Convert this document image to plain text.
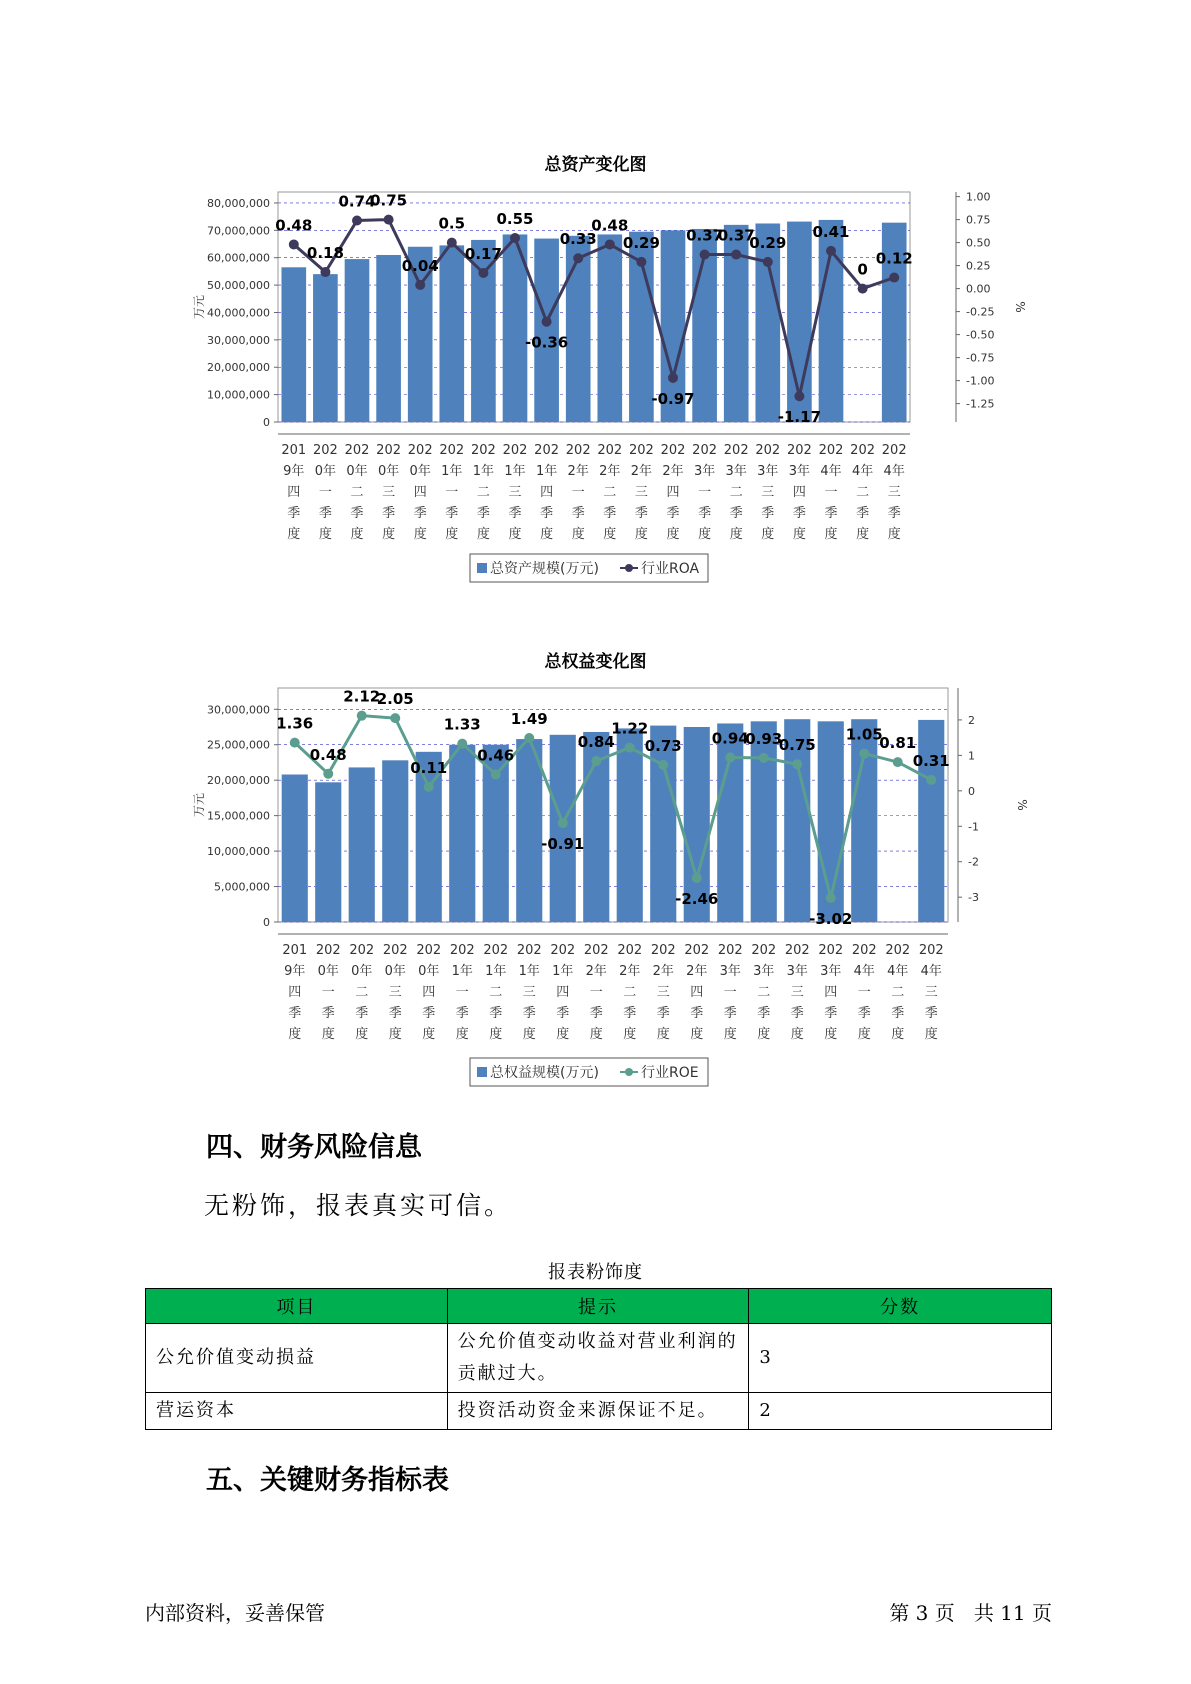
总资产变化图
0
10,000,000
20,000,000
30,000,000
40,000,000
50,000,000
60,000,000
70,000,000
80,000,000
万元
1.00
0.75
0.50
0.25
0.00
-0.25
-0.50
-0.75
-1.00
-1.25
%
201
9年
四
季
度
202
0年
一
季
度
202
0年
二
季
度
202
0年
三
季
度
202
0年
四
季
度
202
1年
一
季
度
202
1年
二
季
度
202
1年
三
季
度
202
1年
四
季
度
202
2年
一
季
度
202
2年
二
季
度
202
2年
三
季
度
202
2年
四
季
度
202
3年
一
季
度
202
3年
二
季
度
202
3年
三
季
度
202
3年
四
季
度
202
4年
一
季
度
202
4年
二
季
度
202
4年
三
季
度
0.48
0.18
0.74
0.75
0.04
0.5
0.17
0.55
-0.36
0.33
0.48
0.29
-0.97
0.37
0.37
0.29
-1.17
0.41
0
0.12
总资产规模(万元)	行业ROA
总权益变化图
0
5,000,000
10,000,000
15,000,000
20,000,000
25,000,000
30,000,000
万元
2
1
0
-1
-2
-3
%
201
9年
四
季
度
202
0年
一
季
度
202
0年
二
季
度
202
0年
三
季
度
202
0年
四
季
度
202
1年
一
季
度
202
1年
二
季
度
202
1年
三
季
度
202
1年
四
季
度
202
2年
一
季
度
202
2年
二
季
度
202
2年
三
季
度
202
2年
四
季
度
202
3年
一
季
度
202
3年
二
季
度
202
3年
三
季
度
202
3年
四
季
度
202
4年
一
季
度
202
4年
二
季
度
202
4年
三
季
度
1.36
0.48
2.12
2.05
0.11
1.33
0.46
1.49
-0.91
0.84
1.22
0.73
-2.46
0.94
0.93
0.75
-3.02
1.05
0.81
0.31
总权益规模(万元)	行业ROE
四、财务风险信息
无粉饰，报表真实可信。
报表粉饰度
项目	提示	分数
公允价值变动损益	公允价值变动收益对营业利润的
贡献过大。	3
营运资本	投资活动资金来源保证不足。	2
五、关键财务指标表
内部资料，妥善保管	第 3 页   共 11 页
